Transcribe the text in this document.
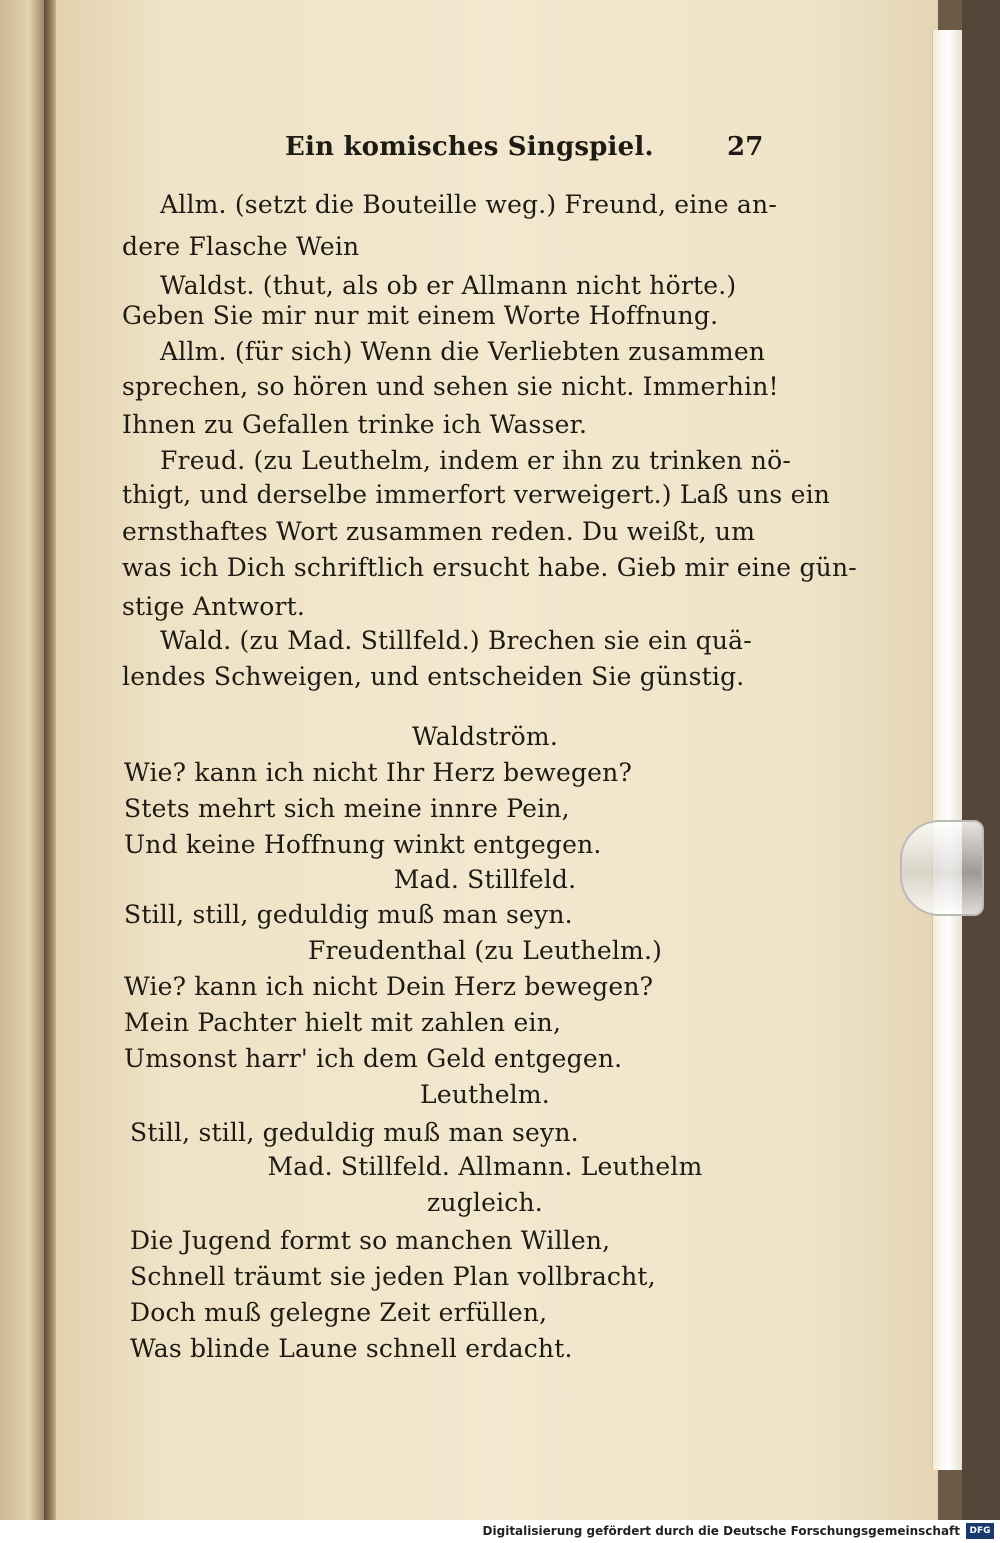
Ein komisches Singspiel.	27
Allm. (setzt die Bouteille weg.) Freund, eine an-
dere Flasche Wein
Waldst. (thut, als ob er Allmann nicht hörte.)
Geben Sie mir nur mit einem Worte Hoffnung.
Allm. (für sich) Wenn die Verliebten zusammen
sprechen, so hören und sehen sie nicht. Immerhin!
Ihnen zu Gefallen trinke ich Wasser.
Freud. (zu Leuthelm, indem er ihn zu trinken nö-
thigt, und derselbe immerfort verweigert.) Laß uns ein
ernsthaftes Wort zusammen reden. Du weißt, um
was ich Dich schriftlich ersucht habe. Gieb mir eine gün-
stige Antwort.
Wald. (zu Mad. Stillfeld.) Brechen sie ein quä-
lendes Schweigen, und entscheiden Sie günstig.
Waldström.
Wie? kann ich nicht Ihr Herz bewegen?
Stets mehrt sich meine innre Pein,
Und keine Hoffnung winkt entgegen.
Mad. Stillfeld.
Still, still, geduldig muß man seyn.
Freudenthal (zu Leuthelm.)
Wie? kann ich nicht Dein Herz bewegen?
Mein Pachter hielt mit zahlen ein,
Umsonst harr' ich dem Geld entgegen.
Leuthelm.
Still, still, geduldig muß man seyn.
Mad. Stillfeld. Allmann. Leuthelm
zugleich.
Die Jugend formt so manchen Willen,
Schnell träumt sie jeden Plan vollbracht,
Doch muß gelegne Zeit erfüllen,
Was blinde Laune schnell erdacht.
Digitalisierung gefördert durch die Deutsche Forschungsgemeinschaft	DFG
